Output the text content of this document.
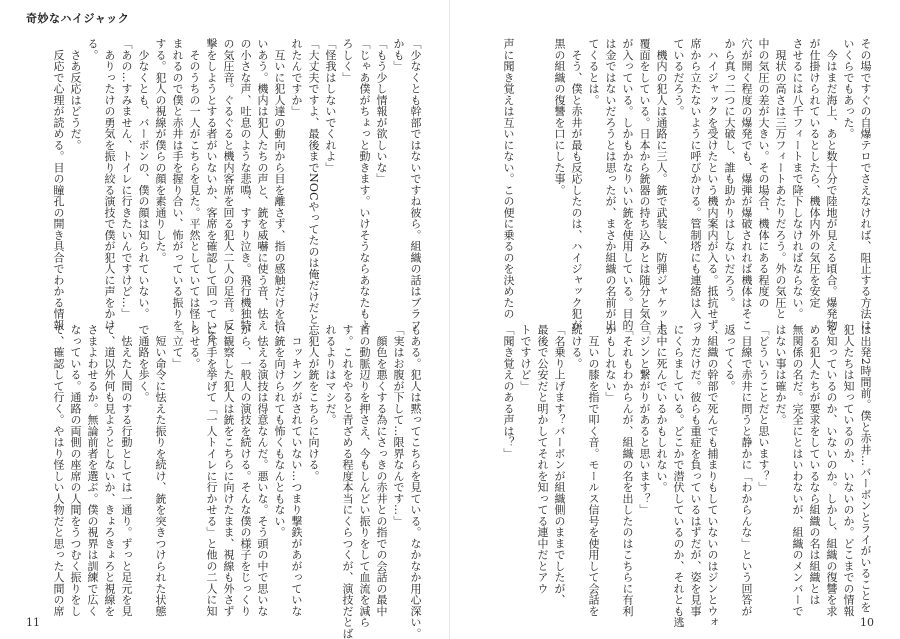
その場ですぐの自爆テロでさえなければ、阻止する方法は

いくらでもあった。

　今はまだ海上、あと数十分で陸地が見える頃合。爆発物

が仕掛けられているとしたら、機体内外の気圧を安定

させるには八千フィートまで降下しなければならない。

　現状の高さは三万フィートあたりだろう。外の気圧と

中の気圧の差が大きい。その場合、機体にある程度の

穴が開く程度の爆発でも、爆弾が爆破されれば機体はそこ

から真っ二つに大破し、誰も助かりはしないだろう。

　ハイジャックを受けたという機内案内が入る。抵抗せず、

席から立たないように呼びかける。管制塔にも連絡は入っ

ているだろう。

　機内の犯人は通路に三人。銃で武装し、防弾ジャケット、

覆面をしている。日本から銃器の持ち込みとは随分と気合

が入っている。しかもかなりいい銃を使用している。目的

は金ではないだろうとは思ったが、まさか組織の名前が出

てくるとは。

　そう、僕と赤井が最も反応したのは、ハイジャック犯が

黒の組織の復讐を口にした事。

声に聞き覚えは互いにない。この便に乗るのを決めたの

は出発2時間前。僕と赤井…バーボンとライがいることを

犯人たちは知っているのか、いないのか。どこまでの情報

を知っているのか、いないのか。しかし、組織の復讐を求

める犯人たちが要求をしているなら組織の名は組織とは

無関係の名だ。完全にとはいわないが、組織のメンバーで

はない事は確かだ。

「どういうことだと思います？」

　目線で赤井に問うと静かに「わからんな」という回答が

返ってくる。

　組織の幹部で死んでも捕まりもしていないのはジンとウォ

ッカだけだ。彼らも重症を負っているはずだが、姿を見事

にくらましている。どこかで潜伏しているのか、それとも逃

走中に死んでいるかもしれない。

「ジンと繋がりがあると思います？」

「それもわからんが、組織の名を出したのはこちらに有利

かもしれない」

　互いの膝を指で叩く音。モールス信号を使用して会話を

続ける。

「名乗り上げます？バーボンが組織側のままでしたが、

最後で公安だと明かしてそれを知ってる連中だとアウ

トですけど」

「聞き覚えのある声は？」

10
奇妙なハイジャック

「少なくとも幹部ではないですね彼ら。組織の話はブラフ

かも」

「もう少し情報が欲しいな」

「じゃあ僕がちょっと動きます。いけそうならあなたもよ

ろしく」

「怪我はしないでくれよ」

「大丈夫ですよ、最後までNOCやってたのは俺だけだと忘

れたんですか」

　互いに犯人達の動向から目を離さず、指の感触だけを拾

いあう。機内は犯人たちの声と、銃を威嚇に使う音、怯え

の小さな声、吐息のような悲鳴、すすり泣き。飛行機独特

の気圧音。ぐるぐると機内客席を回る犯人二人の足音。反

撃をしようとする者がいないか、客席を確認して回っている。

　そのうちの一人がこちらを見た。平然としていては怪し

まれるので僕と赤井は手を握り合い、怖がっている振りを

する。犯人の視線が僕らの顔を素通りした。

　少なくとも、バーボンの、僕の顔は知られていない。

「あの…すみません、トイレに行きたいんですけど…」

　ありったけの勇気を振り絞る演技で僕が犯人に声をかけ

る。

　さあ反応はどうだ。

　反応で心理が読める。目の瞳孔の開き具合でわかる情報

もある。犯人は黙ってこちらを見ている。なかなか用心深い。

「実はお腹が下して…限界なんです…」

　顔色を悪くする為にさっきの赤井との指での会話の最中

首の動脈辺りを押さえ、今もしんどい振りをして血流を減ら

す。これをやると青ざめる程度本当にくらつくが、演技だとば

れるよりはマシだ。

　犯人が銃をこちらに向ける。

　コッキングがされていない…つまり撃鉄があがっていな

い銃を向けられても怖くもなんともない。

　怯える演技は得意なんだ。悪いな。そう頭の中で思いな

がら、一般人の演技を続ける。そんな僕の様子をじっくり

と観察した犯人は銃をこちらに向けたまま、視線も外さず

に片手を挙げて「一人トイレに行かせる」と他の二人に知

らせる。

「立て」

　短い命令に怯えた振りを続け、銃を突きつけられた状態

で通路を歩く。

　怯えた人間のする行動としては一通り。ずっと足元を見

て、道以外何も見ようとしないか、きょろきょろと視線を

さまよわせるか。無論前者を選ぶ。僕の視界は訓練で広く

なっている。通路の両側の座席の人間をうつむく振りをし

て、確認して行く。やはり怪しい人物だと思った人間の席

11
